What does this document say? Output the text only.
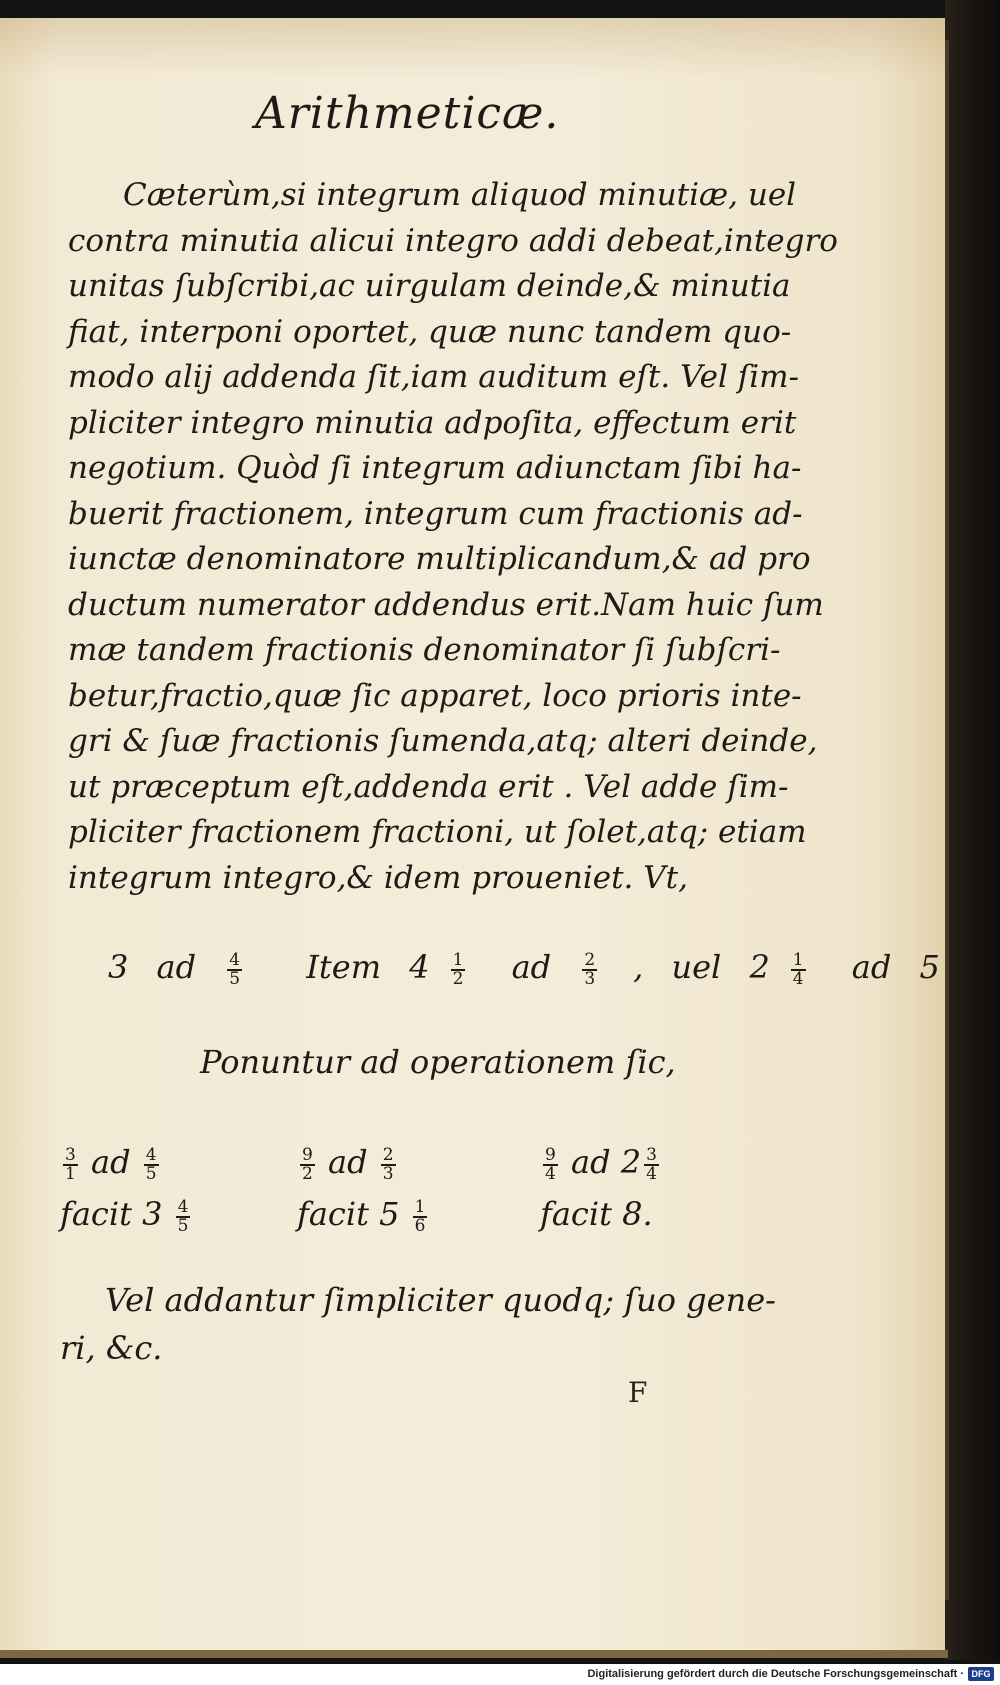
Arithmeticæ.
Cæterùm,si integrum aliquod minutiæ, uel
contra minutia alicui integro addi debeat,integro
unitas ſubſcribi,ac uirgulam deinde,& minutia
fiat, interponi oportet, quæ nunc tandem quo-
modo alij addenda ſit,iam auditum eſt. Vel ſim-
pliciter integro minutia adpoſita, effectum erit
negotium. Quòd ſi integrum adiunctam ſibi ha-
buerit fractionem, integrum cum fractionis ad-
iunctæ denominatore multiplicandum,& ad pro
ductum numerator addendus erit.Nam huic ſum
mæ tandem fractionis denominator ſi ſubſcri-
betur,fractio,quæ ſic apparet, loco prioris inte-
gri & ſuæ fractionis ſumenda,atq; alteri deinde,
ut præceptum eſt,addenda erit . Vel adde ſim-
pliciter fractionem fractioni, ut ſolet,atq; etiam
integrum integro,& idem proueniet. Vt,
3 ad $\frac{4}{5}$ Item $4 \frac{1}{2}$ ad $\frac{2}{3}$ , uel $2 \frac{1}{4}$ ad 5
Ponuntur ad operationem ſic,
$\frac{3}{1}$ ad $\frac{4}{5}$
facit $3 \frac{4}{5}$
$\frac{9}{2}$ ad $\frac{2}{3}$
facit $5 \frac{1}{6}$
$\frac{9}{4}$ ad $2 \frac{3}{4}$
facit 8.
Vel addantur ſimpliciter quodq; ſuo gene-
ri, &c.
F
Digitalisierung gefördert durch die Deutsche Forschungsgemeinschaft · DFG
